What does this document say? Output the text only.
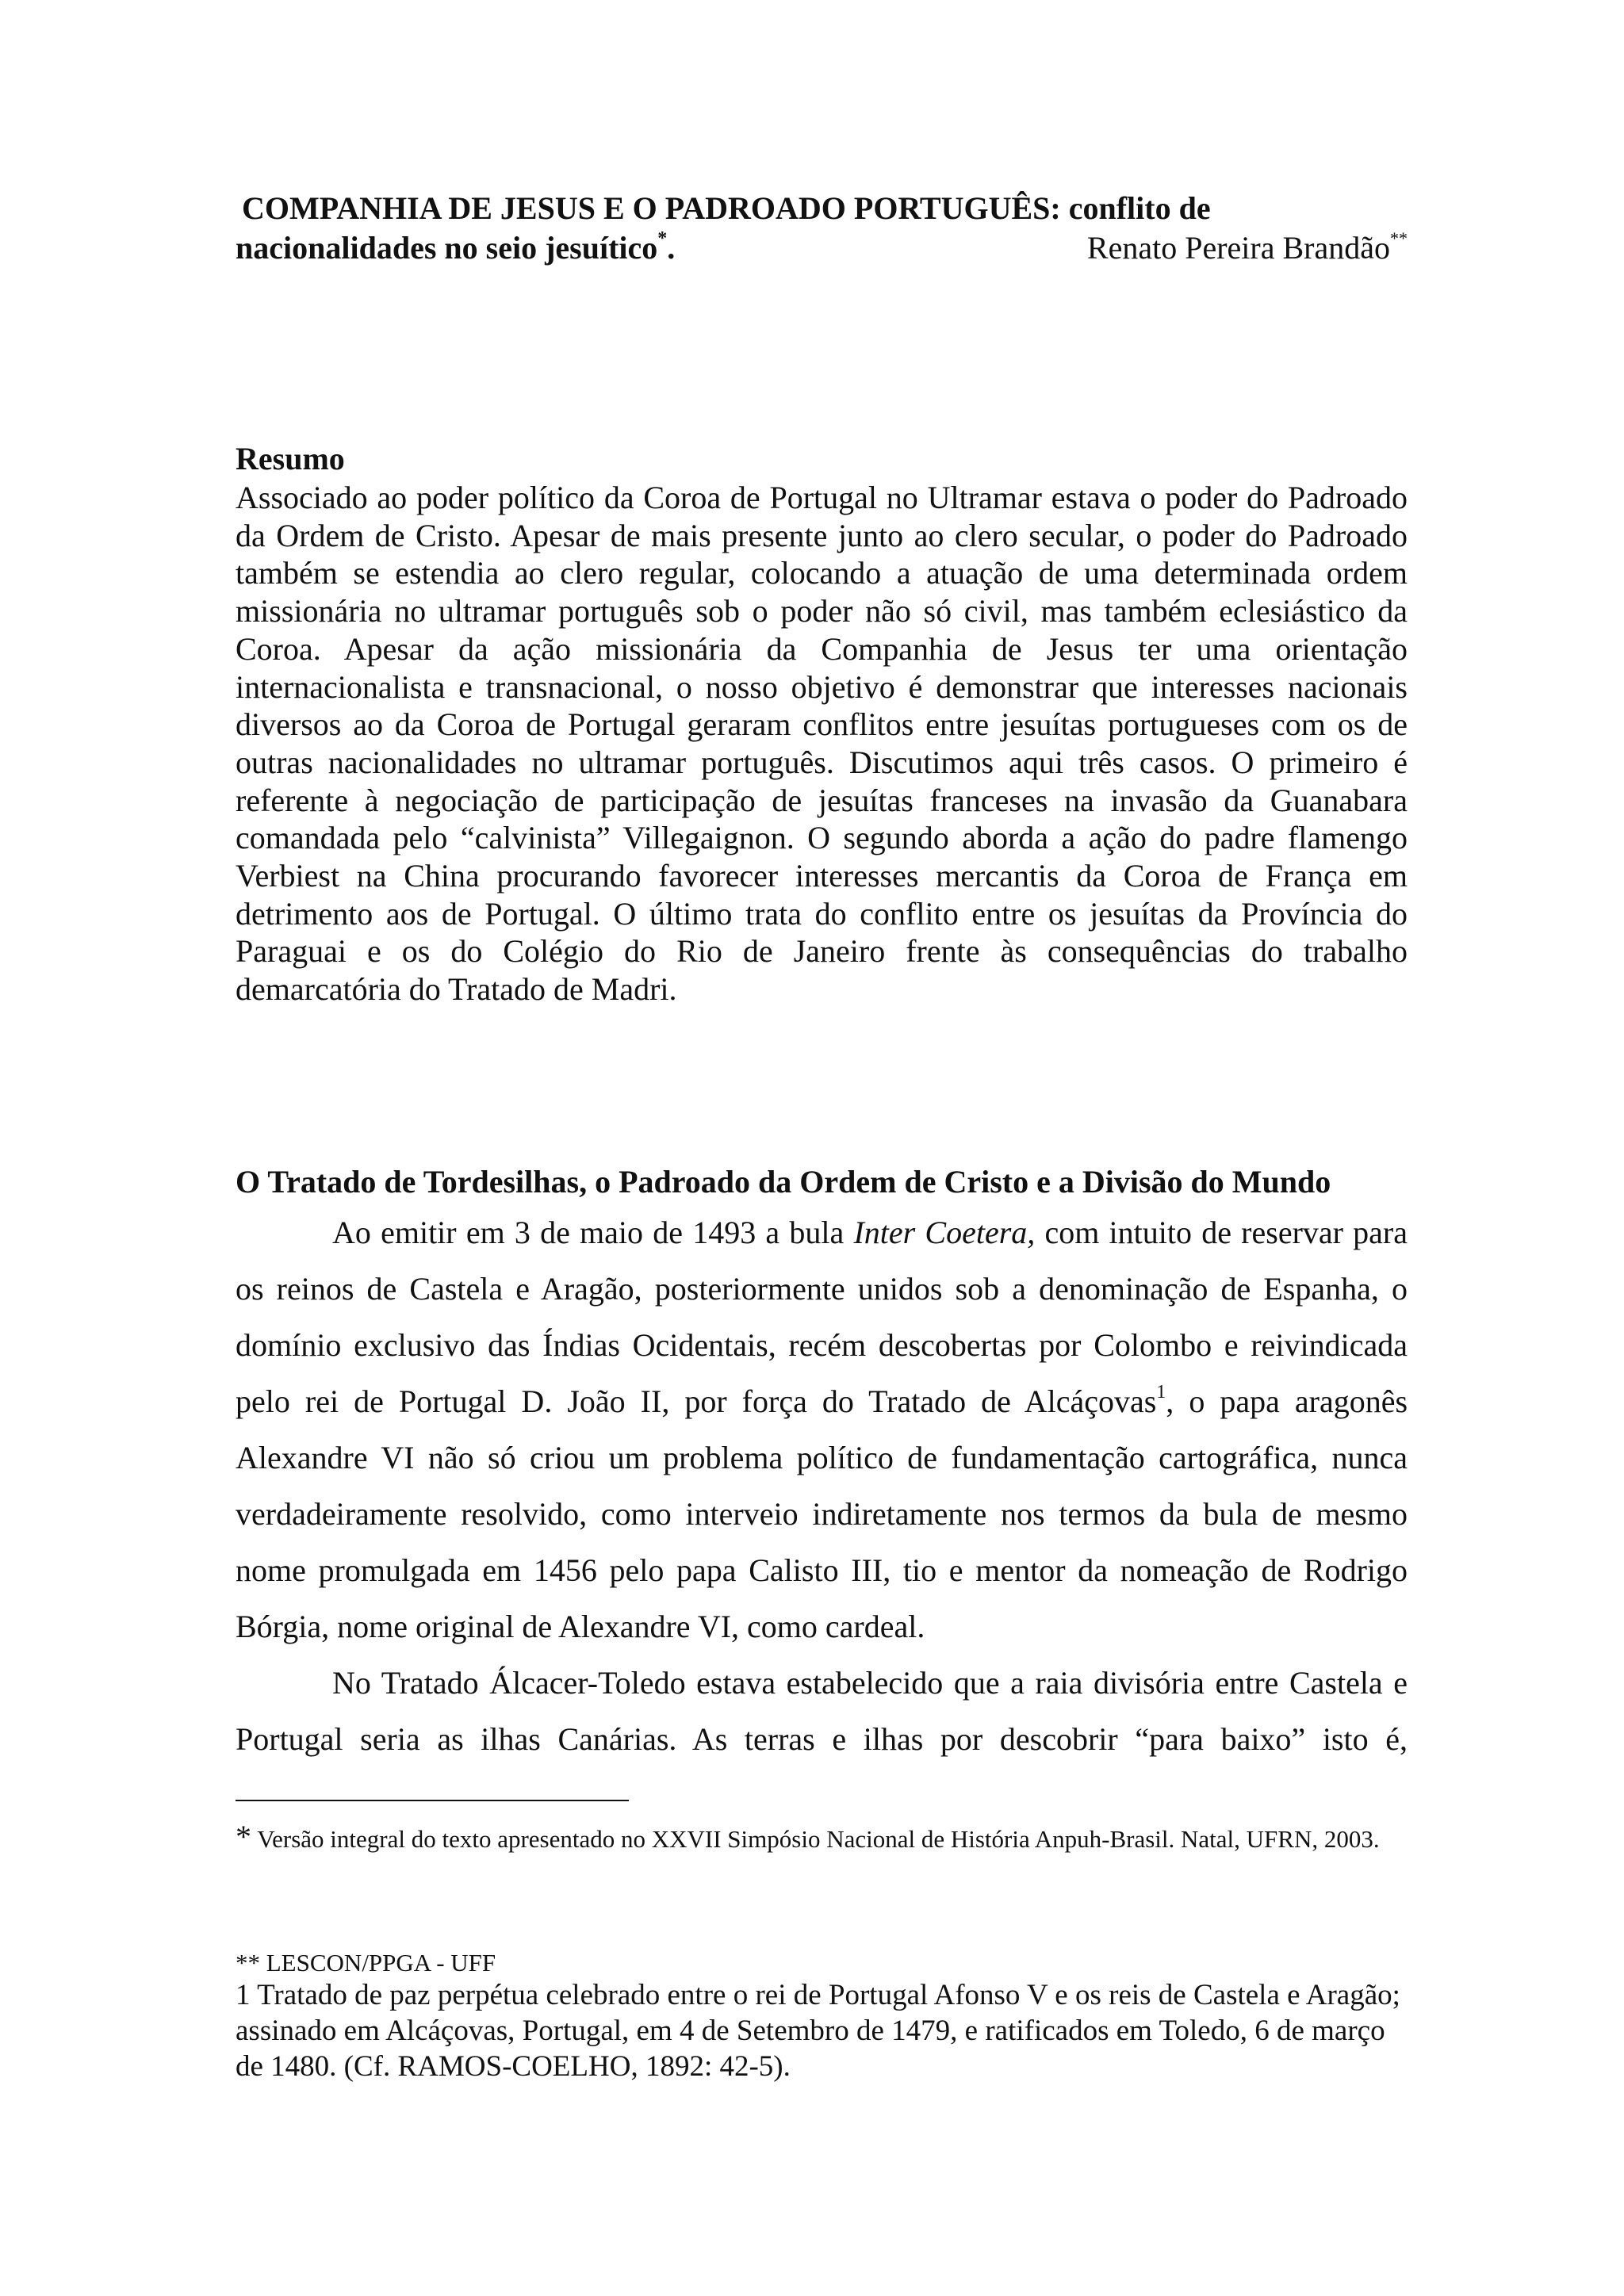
COMPANHIA DE JESUS E O PADROADO PORTUGUÊS: conflito de
nacionalidades no seio jesuítico*.	Renato Pereira Brandão**
Resumo
Associado ao poder político da Coroa de Portugal no Ultramar estava o poder do Padroado da Ordem de Cristo. Apesar de mais presente junto ao clero secular, o poder do Padroado também se estendia ao clero regular, colocando a atuação de uma determinada ordem missionária no ultramar português sob o poder não só civil, mas também eclesiástico da Coroa. Apesar da ação missionária da Companhia de Jesus ter uma orientação internacionalista e transnacional, o nosso objetivo é demonstrar que interesses nacionais diversos ao da Coroa de Portugal geraram conflitos entre jesuítas portugueses com os de outras nacionalidades no ultramar português. Discutimos aqui três casos. O primeiro é referente à negociação de participação de jesuítas franceses na invasão da Guanabara comandada pelo “calvinista” Villegaignon. O segundo aborda a ação do padre flamengo Verbiest na China procurando favorecer interesses mercantis da Coroa de França em detrimento aos de Portugal. O último trata do conflito entre os jesuítas da Província do Paraguai e os do Colégio do Rio de Janeiro frente às consequências do trabalho demarcatória do Tratado de Madri.
O Tratado de Tordesilhas, o Padroado da Ordem de Cristo e a Divisão do Mundo

Ao emitir em 3 de maio de 1493 a bula Inter Coetera, com intuito de reservar para os reinos de Castela e Aragão, posteriormente unidos sob a denominação de Espanha, o domínio exclusivo das Índias Ocidentais, recém descobertas por Colombo e reivindicada pelo rei de Portugal D. João II, por força do Tratado de Alcáçovas$^1$, o papa aragonês Alexandre VI não só criou um problema político de fundamentação cartográfica, nunca verdadeiramente resolvido, como interveio indiretamente nos termos da bula de mesmo nome promulgada em 1456 pelo papa Calisto III, tio e mentor da nomeação de Rodrigo Bórgia, nome original de Alexandre VI, como cardeal.

No Tratado Álcacer-Toledo estava estabelecido que a raia divisória entre Castela e Portugal seria as ilhas Canárias. As terras e ilhas por descobrir “para baixo” isto é,

* Versão integral do texto apresentado no XXVII Simpósio Nacional de História Anpuh-Brasil. Natal, UFRN, 2003.
** LESCON/PPGA - UFF
1 Tratado de paz perpétua celebrado entre o rei de Portugal Afonso V e os reis de Castela e Aragão; assinado em Alcáçovas, Portugal, em 4 de Setembro de 1479, e ratificados em Toledo, 6 de março de 1480. (Cf. RAMOS-COELHO, 1892: 42-5).
